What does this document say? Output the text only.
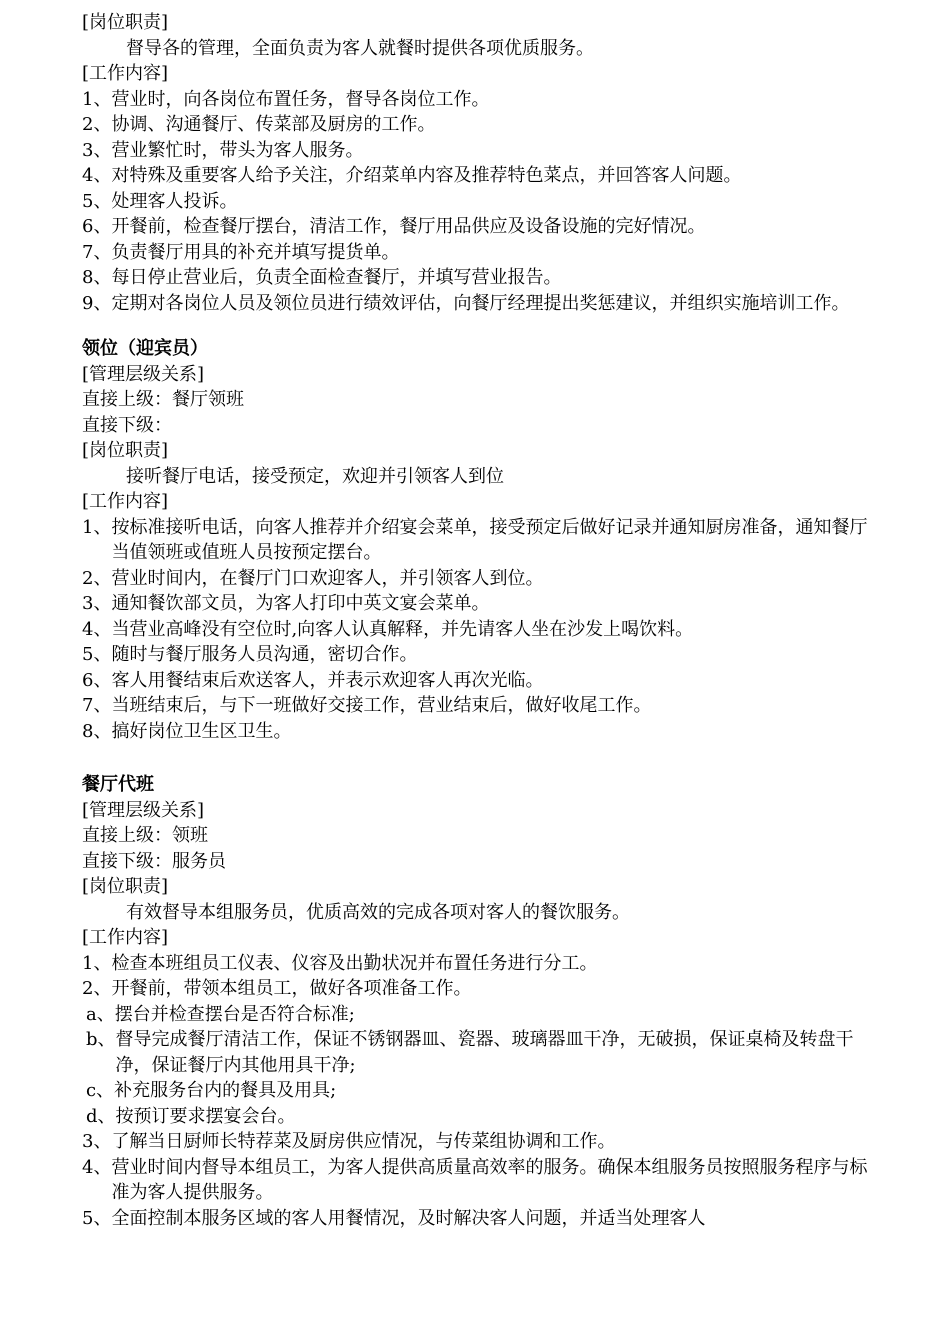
[岗位职责]
督导各的管理，全面负责为客人就餐时提供各项优质服务。
[工作内容]
1、 营业时，向各岗位布置任务，督导各岗位工作。
2、 协调、沟通餐厅、传菜部及厨房的工作。
3、 营业繁忙时，带头为客人服务。
4、 对特殊及重要客人给予关注，介绍菜单内容及推荐特色菜点，并回答客人问题。
5、 处理客人投诉。
6、 开餐前，检查餐厅摆台，清洁工作，餐厅用品供应及设备设施的完好情况。
7、 负责餐厅用具的补充并填写提货单。
8、 每日停止营业后，负责全面检查餐厅，并填写营业报告。
9、 定期对各岗位人员及领位员进行绩效评估，向餐厅经理提出奖惩建议，并组织实施培训工作。
领位（迎宾员）
[管理层级关系]
直接上级：餐厅领班
直接下级：
[岗位职责]
接听餐厅电话，接受预定，欢迎并引领客人到位
[工作内容]
1、 按标准接听电话，向客人推荐并介绍宴会菜单，接受预定后做好记录并通知厨房准备，通知餐厅当值领班或值班人员按预定摆台。
2、 营业时间内，在餐厅门口欢迎客人，并引领客人到位。
3、 通知餐饮部文员，为客人打印中英文宴会菜单。
4、 当营业高峰没有空位时,向客人认真解释，并先请客人坐在沙发上喝饮料。
5、 随时与餐厅服务人员沟通，密切合作。
6、 客人用餐结束后欢送客人，并表示欢迎客人再次光临。
7、 当班结束后，与下一班做好交接工作，营业结束后，做好收尾工作。
8、 搞好岗位卫生区卫生。
餐厅代班
[管理层级关系]
直接上级：领班
直接下级：服务员
[岗位职责]
有效督导本组服务员，优质高效的完成各项对客人的餐饮服务。
[工作内容]
1、 检查本班组员工仪表、仪容及出勤状况并布置任务进行分工。
2、 开餐前，带领本组员工，做好各项准备工作。
a、 摆台并检查摆台是否符合标准;
b、 督导完成餐厅清洁工作，保证不锈钢器皿、瓷器、玻璃器皿干净，无破损，保证桌椅及转盘干净，保证餐厅内其他用具干净;
c、 补充服务台内的餐具及用具;
d、 按预订要求摆宴会台。
3、 了解当日厨师长特荐菜及厨房供应情况，与传菜组协调和工作。
4、 营业时间内督导本组员工，为客人提供高质量高效率的服务。确保本组服务员按照服务程序与标准为客人提供服务。
5、 全面控制本服务区域的客人用餐情况，及时解决客人问题，并适当处理客人
